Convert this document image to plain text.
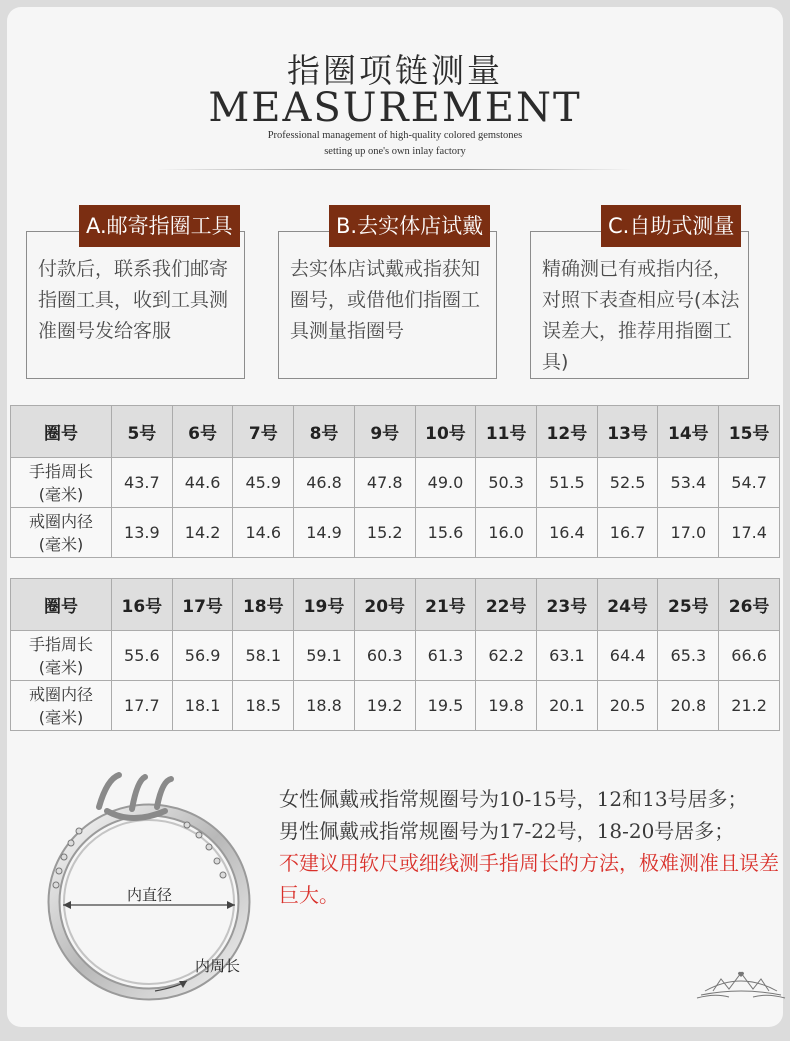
指圈项链测量
MEASUREMENT
Professional management of high-quality colored gemstones
setting up one's own inlay factory
付款后，联系我们邮寄指圈工具，收到工具测准圈号发给客服
去实体店试戴戒指获知圈号，或借他们指圈工具测量指圈号
精确测已有戒指内径，对照下表查相应号(本法误差大，推荐用指圈工具)
A.邮寄指圈工具	B.去实体店试戴	C.自助式测量
圈号	5号	6号	7号	8号	9号	10号	11号	12号	13号	14号	15号
手指周长
(毫米)	43.7	44.6	45.9	46.8	47.8	49.0	50.3	51.5	52.5	53.4	54.7
戒圈内径
(毫米)	13.9	14.2	14.6	14.9	15.2	15.6	16.0	16.4	16.7	17.0	17.4
圈号	16号	17号	18号	19号	20号	21号	22号	23号	24号	25号	26号
手指周长
(毫米)	55.6	56.9	58.1	59.1	60.3	61.3	62.2	63.1	64.4	65.3	66.6
戒圈内径
(毫米)	17.7	18.1	18.5	18.8	19.2	19.5	19.8	20.1	20.5	20.8	21.2
内直径
内周长

女性佩戴戒指常规圈号为10-15号，12和13号居多；

男性佩戴戒指常规圈号为17-22号，18-20号居多；

不建议用软尺或细线测手指周长的方法，极难测准且误差巨大。
